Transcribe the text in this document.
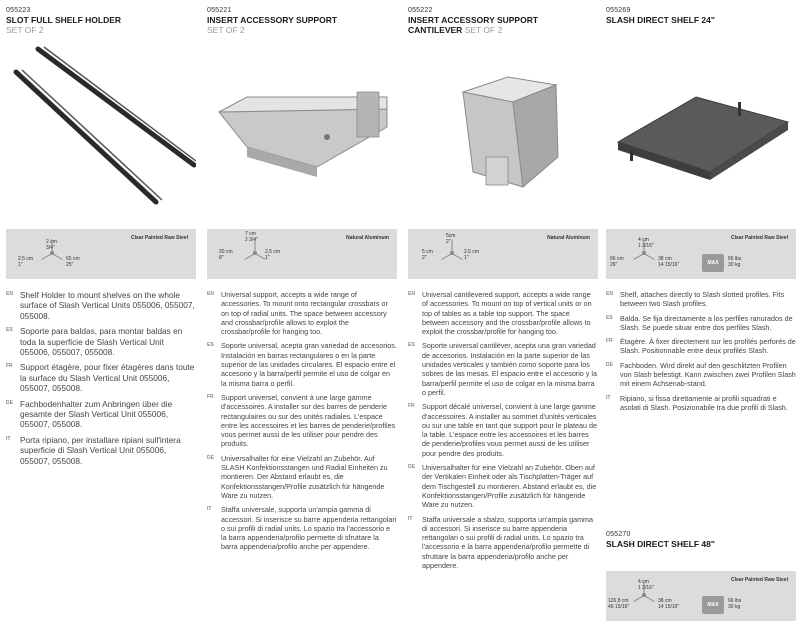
055223
SLOT FULL SHELF HOLDER
SET OF 2
Clear Painted Raw Steel
2 cm
3/4"
2,5 cm
1"
65 cm
25"
EN Shelf Holder to mount shelves on the whole surface of Slash Vertical Units 055006, 055007, 055008.
ES Soporte para baldas, para montar baldas en toda la superficie de Slash Vertical Unit 055006, 055007, 055008.
FR Support étagère, pour fixer étagères dans toute la surface du Slash Vertical Unit 055006, 055007, 055008.
DE Fachbodenhalter zum Anbringen über die gesamte der Slash Vertical Unit 055006, 055007, 055008.
IT Porta ripiano, per installare ripiani sull'intera superficie di Slash Vertical Unit 055006, 055007, 055008.
055221
INSERT ACCESSORY SUPPORT
SET OF 2
Natural Aluminum
7 cm
2 3/4"
20 cm
8"
2,5 cm
1"
EN Universal support, accepts a wide range of accessories. To mount onto rectangular crossbars or on top of radial units. The space between accessory and crossbar/profile allows to exploit the crossbar/profile for hanging too.
ES Soporte universal, acepta gran variedad de accesorios. Instalación en barras rectangulares o en la parte superior de las unidades circulares. El espacio entre el accesorio y la barra/perfil permite el uso de colgar en la misma barra o perfil.
FR Support universel, convient à une large gamme d'accessoires. A installer sur des barres de penderie rectangulaires ou sur des unités radiales. L'espace entre les accessoires et les barres de penderie/profiles vous permet aussi de les utiliser pour pendre des produits.
DE Universalhalter für eine Vielzahl an Zubehör. Auf SLASH Konfektionsstangen und Radial Einheiten zu montieren. Der Abstand erlaubt es, die Konfektionsstangen/Profile zusätzlich für hängende Ware zu nutzen.
IT Staffa universale, supporta un'ampia gamma di accessori. Si inserisce su barre appenderia rettangolari o sui profili di radial units. Lo spazio tra l'accessorio e la barra appenderia/profilo permette di sfruttare la barra appenderia/profilo anche per appendere.
055222
INSERT ACCESSORY SUPPORT
CANTILEVER SET OF 2
Natural Aluminum
5cm
2"
5 cm
2"
2,5 cm
1"
EN Universal cantilevered support, accepts a wide range of accessories. To mount on top of vertical units or on top of tables as a table top support. The space between accessory and the crossbar/profile allows to exploit the crossbar/profile for hanging too.
ES Soporte universal cantiléver, acepta una gran variedad de accesorios. Instalación en la parte superior de las unidades verticales y también como soporte para los sobres de las mesas. El espacio entre el accesorio y la barra/perfil permite el uso de colgar en la misma barra o perfil.
FR Support décalé universel, convient à une large gamme d'accessoires. A installer au sommet d'unités verticales ou sur une table en tant que support pour le plateau de la table. L'espace entre les accessoires et les barres de penderie/profiles vous permet aussi de les utiliser pour pendre des produits.
DE Universalhalter für eine Vielzahl an Zubehör. Oben auf der Vertikalen Einheit oder als Tischplatten-Träger auf dem Tischgestell zu montieren. Abstand erlaubt es, die Konfektionsstangen/Profile zusätzlich für hängende Ware zu nutzen.
IT Staffa universale a sbalzo, supporta un'ampia gamma di accessori. Si inserisce su barre appenderia rettangolari o sui profili di radial units. Lo spazio tra l'accessorio e la barra appenderia/profilo permette di sfruttare la barra appenderia/profilo anche per appendere.
055269
SLASH DIRECT SHELF 24"
Clear Painted Raw Steel
4 cm
1 3/16"
66 cm
26"
38 cm
14 15/16"	MAX
66 lbs
30 kg
EN Shelf, attaches directly to Slash slotted profiles. Fits between two Slash profiles.
ES Balda. Se fija directamente a los perfiles ranurados de Slash. Se puede situar entre dos perfiles Slash.
FR Étagère. À fixer directement sur les profilés perforés de Slash. Positionnable entre deux profilés Slash.
DE Fachboden. Wird direkt auf den geschlitzten Profilen von Slash befestigt. Kann zwischen zwei Profilen Slash mit einem Achsenab-stand.
IT Ripiano, si fissa direttamente ai profili squadrati e asolati di Slash. Posizionabile tra due profili di Slash.
055270
SLASH DIRECT SHELF 48"
Clear Painted Raw Steel
4 cm
1 3/16"
126,8 cm
49 15/16"
38 cm
14 15/16"	MAX
66 lbs
30 kg
